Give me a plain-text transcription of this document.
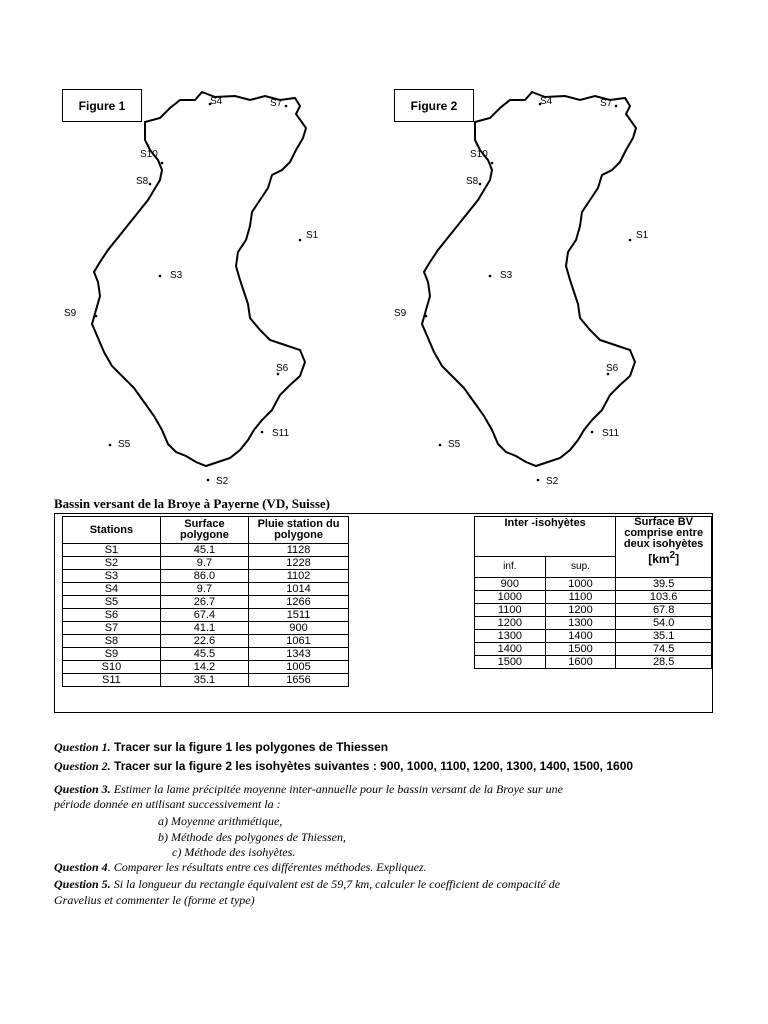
Figure 1
S1
S2
S3
S4
S5
S6
S7
S8
S9
S10
S11
S1
S2
S3
S4
S5
S6
S7
S8
S9
S10
S11
Figure 2
Bassin versant de la Broye à Payerne (VD, Suisse)
Stations	Surface polygone	Pluie station du polygone
S1	45.1	1128
S2	9.7	1228
S3	86.0	1102
S4	9.7	1014
S5	26.7	1266
S6	67.4	1511
S7	41.1	900
S8	22.6	1061
S9	45.5	1343
S10	14.2	1005
S11	35.1	1656
Inter -isohyètes		Surface BV comprise entre deux isohyètes
$[km^2]$
inf.	sup.	
900	1000	39.5
1000	1100	103.6
1100	1200	67.8
1200	1300	54.0
1300	1400	35.1
1400	1500	74.5
1500	1600	28.5
Question 1. Tracer sur la figure 1 les polygones de Thiessen
Question 2. Tracer sur la figure 2 les isohyètes suivantes : 900, 1000, 1100, 1200, 1300, 1400, 1500, 1600
Question 3. Estimer la lame précipitée moyenne inter-annuelle pour le bassin versant de la Broye sur une
période donnée en utilisant successivement la :
a) Moyenne arithmétique,
b) Méthode des polygones de Thiessen,
c) Méthode des isohyètes.
Question 4. Comparer les résultats entre ces différentes méthodes. Expliquez.
Question 5. Si la longueur du rectangle équivalent est de 59,7 km, calculer le coefficient de compacité de
Gravelius et commenter le (forme et type)
